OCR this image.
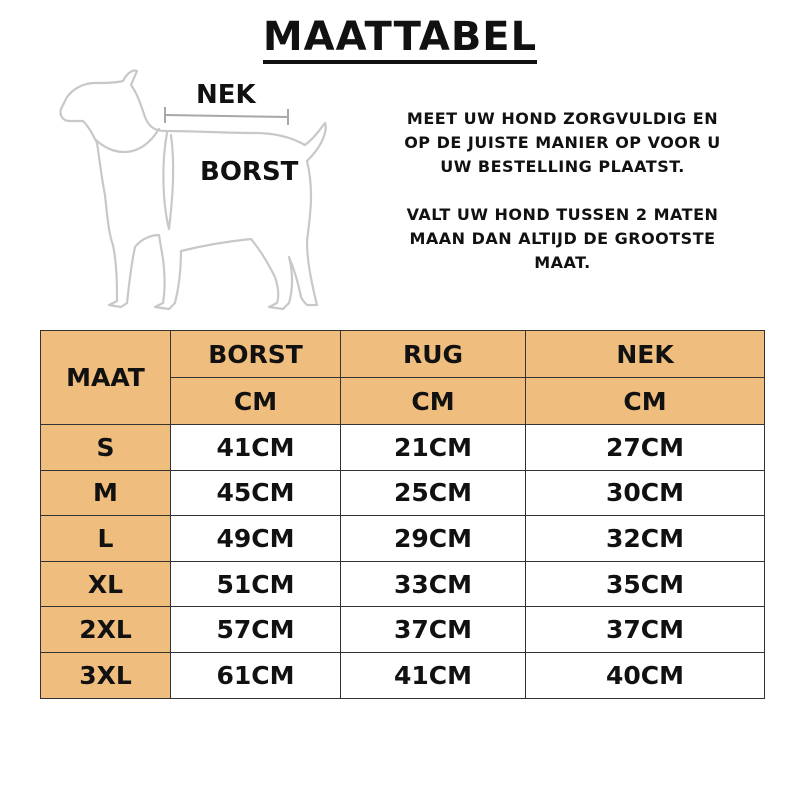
MAATTABEL
NEK
BORST
MEET UW HOND ZORGVULDIG EN
OP DE JUISTE MANIER OP VOOR U
UW BESTELLING PLAATST.
VALT UW HOND TUSSEN 2 MATEN
MAAN DAN ALTIJD DE GROOTSTE
MAAT.
MAAT	BORST	RUG	NEK
	CM	CM	CM
S	41CM	21CM	27CM
M	45CM	25CM	30CM
L	49CM	29CM	32CM
XL	51CM	33CM	35CM
2XL	57CM	37CM	37CM
3XL	61CM	41CM	40CM
